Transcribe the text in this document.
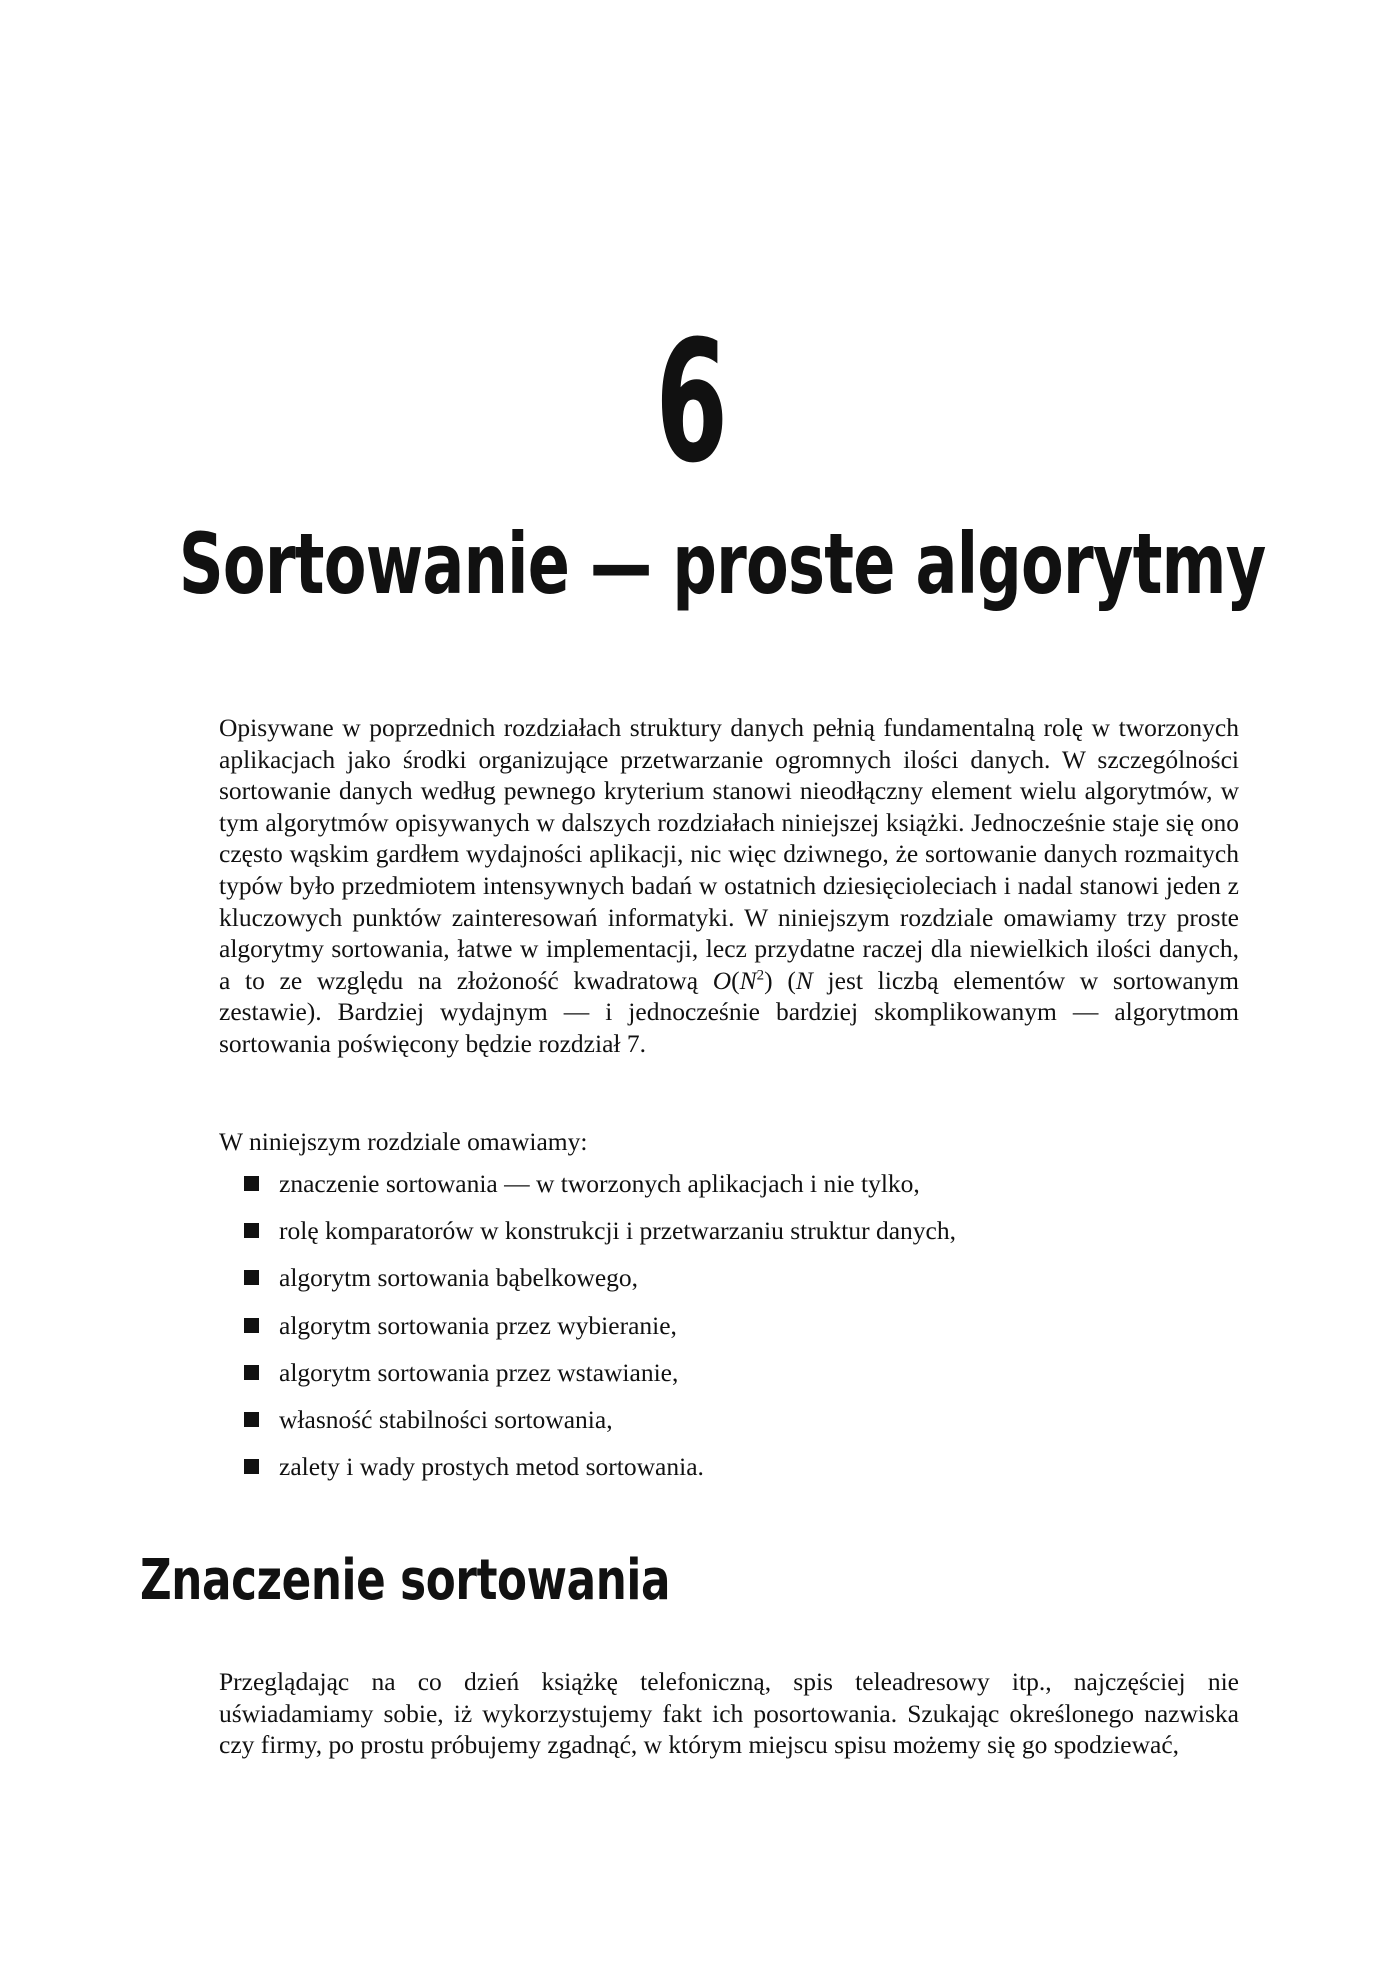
6
Sortowanie — proste algorytmy

Opisywane w poprzednich rozdziałach struktury danych pełnią fundamentalną rolę w tworzonych aplikacjach jako środki organizujące przetwarzanie ogromnych ilości danych. W szczególności sortowanie danych według pewnego kryterium stanowi nieodłączny element wielu algorytmów, w tym algorytmów opisywanych w dalszych rozdziałach niniejszej książki. Jednocześnie staje się ono często wąskim gardłem wydajności aplikacji, nic więc dziwnego, że sortowanie danych rozmaitych typów było przedmiotem intensywnych badań w ostatnich dziesięcioleciach i nadal stanowi jeden z kluczowych punktów zainteresowań informatyki. W niniejszym rozdziale omawiamy trzy proste algorytmy sortowania, łatwe w implementacji, lecz przydatne raczej dla niewielkich ilości danych, a to ze względu na złożoność kwadratową $O(N^2)$ (N jest liczbą elementów w sortowanym zestawie). Bardziej wydajnym — i jednocześnie bardziej skomplikowanym — algorytmom sortowania poświęcony będzie rozdział 7.

W niniejszym rozdziale omawiamy:

znaczenie sortowania — w tworzonych aplikacjach i nie tylko,
rolę komparatorów w konstrukcji i przetwarzaniu struktur danych,
algorytm sortowania bąbelkowego,
algorytm sortowania przez wybieranie,
algorytm sortowania przez wstawianie,
własność stabilności sortowania,
zalety i wady prostych metod sortowania.
Znaczenie sortowania

Przeglądając na co dzień książkę telefoniczną, spis teleadresowy itp., najczęściej nie uświadamiamy sobie, iż wykorzystujemy fakt ich posortowania. Szukając określonego nazwiska czy firmy, po prostu próbujemy zgadnąć, w którym miejscu spisu możemy się go spodziewać,
